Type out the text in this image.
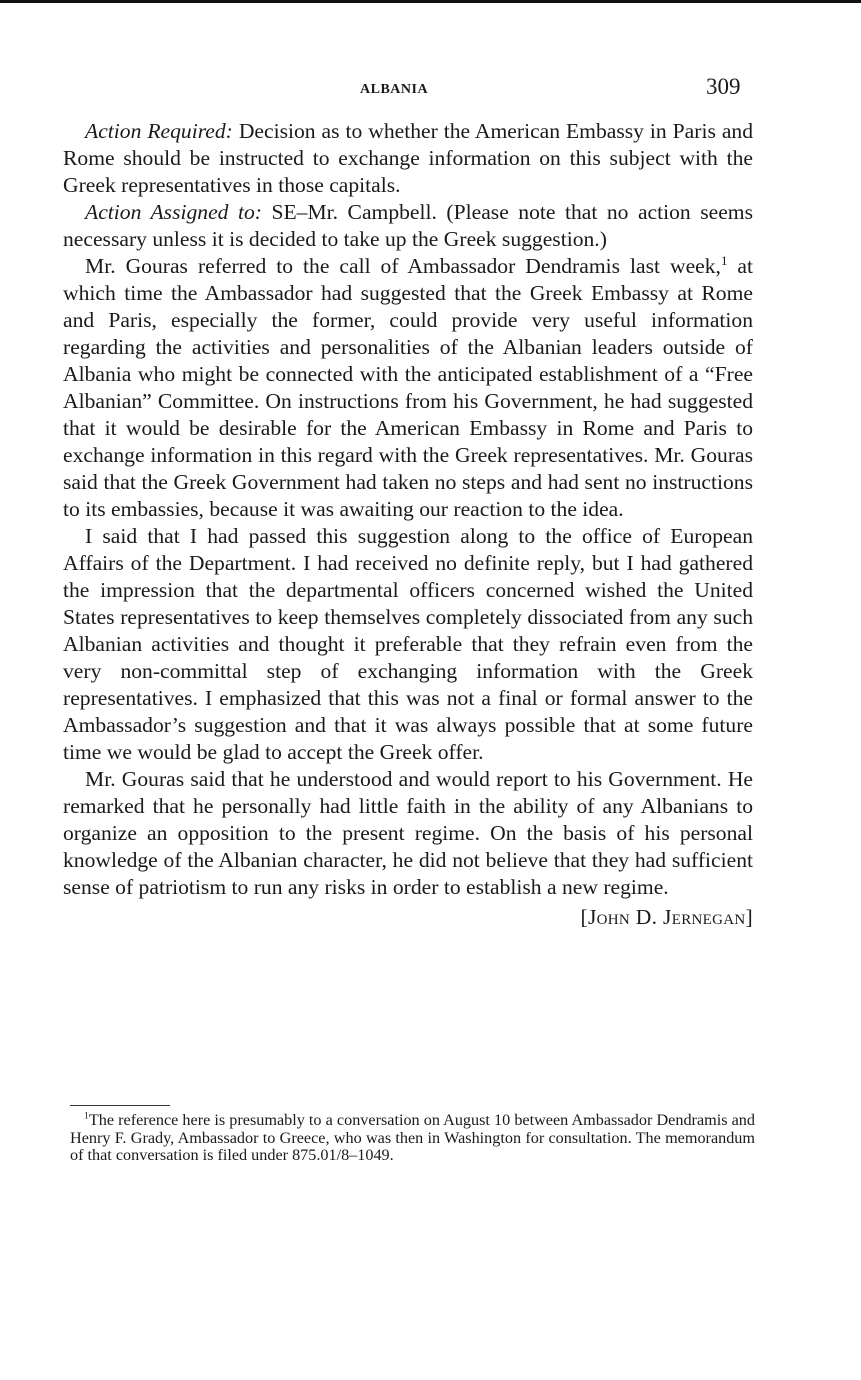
ALBANIA	309

Action Required: Decision as to whether the American Embassy in Paris and Rome should be instructed to exchange information on this subject with the Greek representatives in those capitals.

Action Assigned to: SE–Mr. Campbell. (Please note that no action seems necessary unless it is decided to take up the Greek suggestion.)

Mr. Gouras referred to the call of Ambassador Dendramis last week,$^1$ at which time the Ambassador had suggested that the Greek Embassy at Rome and Paris, especially the former, could provide very useful information regarding the activities and personalities of the Albanian leaders outside of Albania who might be connected with the anticipated establishment of a “Free Albanian” Committee. On instructions from his Government, he had suggested that it would be desirable for the American Embassy in Rome and Paris to exchange information in this regard with the Greek representatives. Mr. Gouras said that the Greek Government had taken no steps and had sent no instructions to its embassies, because it was awaiting our reaction to the idea.

I said that I had passed this suggestion along to the office of European Affairs of the Department. I had received no definite reply, but I had gathered the impression that the departmental officers concerned wished the United States representatives to keep themselves completely dissociated from any such Albanian activities and thought it preferable that they refrain even from the very non-committal step of exchanging information with the Greek representatives. I emphasized that this was not a final or formal answer to the Ambassador’s suggestion and that it was always possible that at some future time we would be glad to accept the Greek offer.

Mr. Gouras said that he understood and would report to his Government. He remarked that he personally had little faith in the ability of any Albanians to organize an opposition to the present regime. On the basis of his personal knowledge of the Albanian character, he did not believe that they had sufficient sense of patriotism to run any risks in order to establish a new regime.

[John D. Jernegan]

$^1$The reference here is presumably to a conversation on August 10 between Ambassador Dendramis and Henry F. Grady, Ambassador to Greece, who was then in Washington for consultation. The memorandum of that conversation is filed under 875.01/8–1049.
